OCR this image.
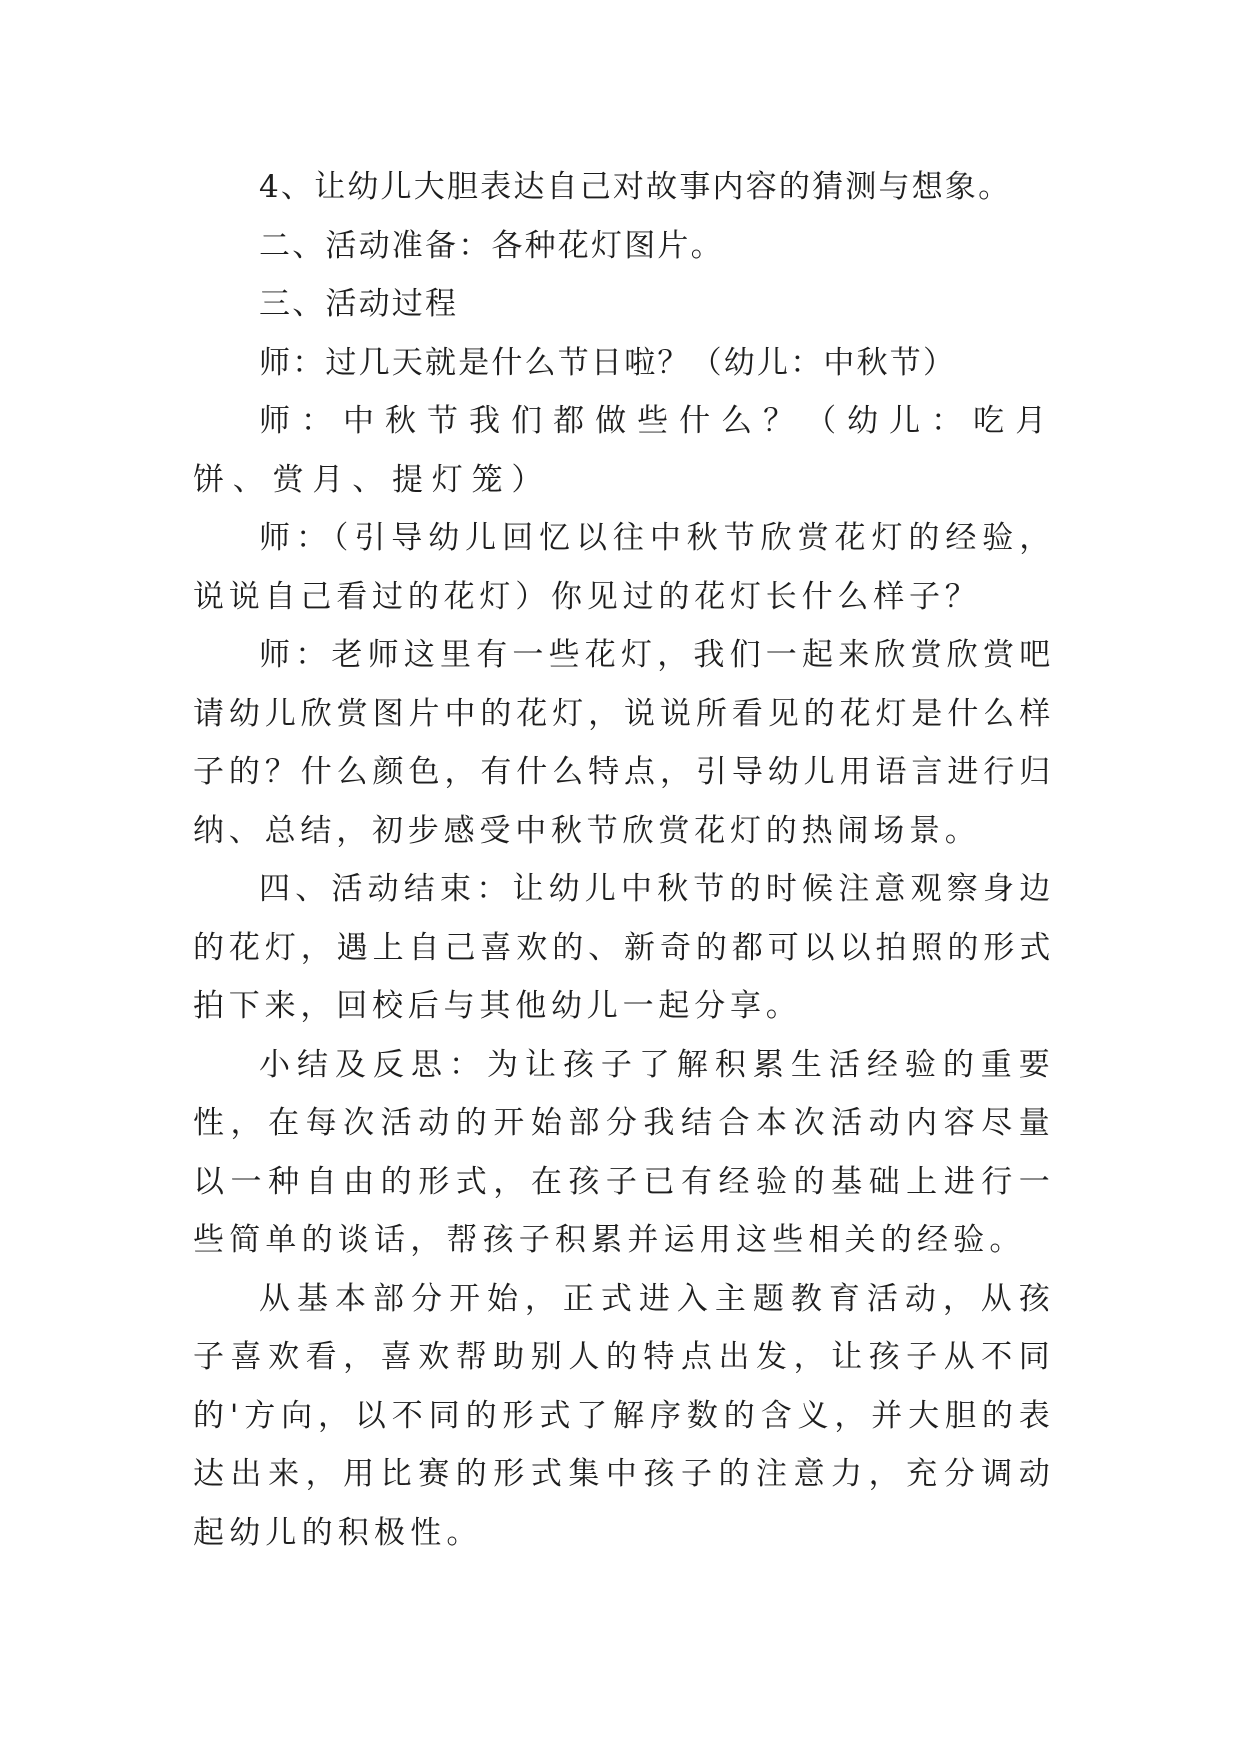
4、让幼儿大胆表达自己对故事内容的猜测与想象。

二、活动准备：各种花灯图片。

三、活动过程

师：过几天就是什么节日啦？（幼儿：中秋节）

师：中秋节我们都做些什么？（幼儿：吃月饼、赏月、提灯笼）

师：（引导幼儿回忆以往中秋节欣赏花灯的经验，说说自己看过的花灯）你见过的花灯长什么样子？

师：老师这里有一些花灯，我们一起来欣赏欣赏吧请幼儿欣赏图片中的花灯，说说所看见的花灯是什么样子的？什么颜色，有什么特点，引导幼儿用语言进行归纳、总结，初步感受中秋节欣赏花灯的热闹场景。

四、活动结束：让幼儿中秋节的时候注意观察身边的花灯，遇上自己喜欢的、新奇的都可以以拍照的形式拍下来，回校后与其他幼儿一起分享。

小结及反思：为让孩子了解积累生活经验的重要性，在每次活动的开始部分我结合本次活动内容尽量以一种自由的形式，在孩子已有经验的基础上进行一些简单的谈话，帮孩子积累并运用这些相关的经验。

从基本部分开始，正式进入主题教育活动，从孩子喜欢看，喜欢帮助别人的特点出发，让孩子从不同的'方向，以不同的形式了解序数的含义，并大胆的表达出来，用比赛的形式集中孩子的注意力，充分调动起幼儿的积极性。
